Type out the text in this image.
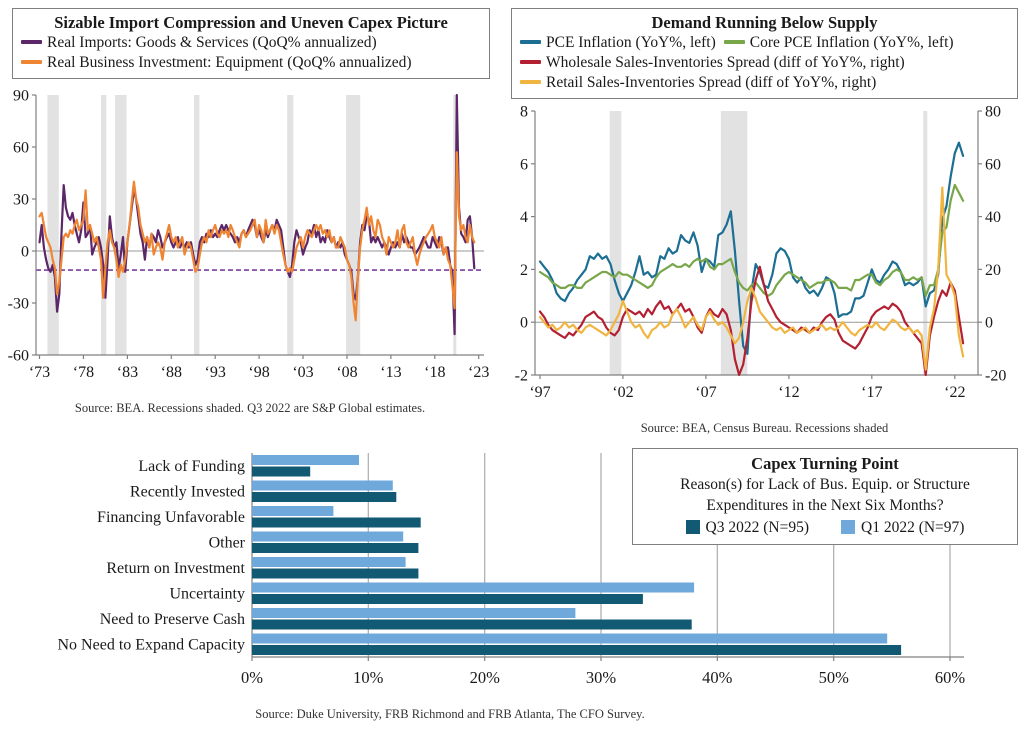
Sizable Import Compression and Uneven Capex Picture
Real Imports: Goods & Services (QoQ% annualized) Real Business Investment: Equipment (QoQ% annualized)
90
60
30
0
-30
-60
‘73 ‘78 ‘83 ‘88 ‘93 ‘98 ‘03 ‘08 ‘13 ‘18 ‘23
Source: BEA. Recessions shaded. Q3 2022 are S&P Global estimates.
Demand Running Below Supply
PCE Inflation (YoY%, left) Core PCE Inflation (YoY%, left) Wholesale Sales-Inventories Spread (diff of YoY%, right) Retail Sales-Inventories Spread (diff of YoY%, right)
8
6
4
2
0
-2
80
60
40
20
0
-20
‘97	‘02	‘07	‘12	‘17	‘22
Source: BEA, Census Bureau. Recessions shaded
Lack of Funding
Recently Invested
Financing Unfavorable
Other
Return on Investment
Uncertainty
Need to Preserve Cash
No Need to Expand Capacity
0%	10%	20%	30%	40%	50%	60%
Source: Duke University, FRB Richmond and FRB Atlanta, The CFO Survey.
Capex Turning Point
Reason(s) for Lack of Bus. Equip. or Structure Expenditures in the Next Six Months?
Q3 2022 (N=95)	Q1 2022 (N=97)
